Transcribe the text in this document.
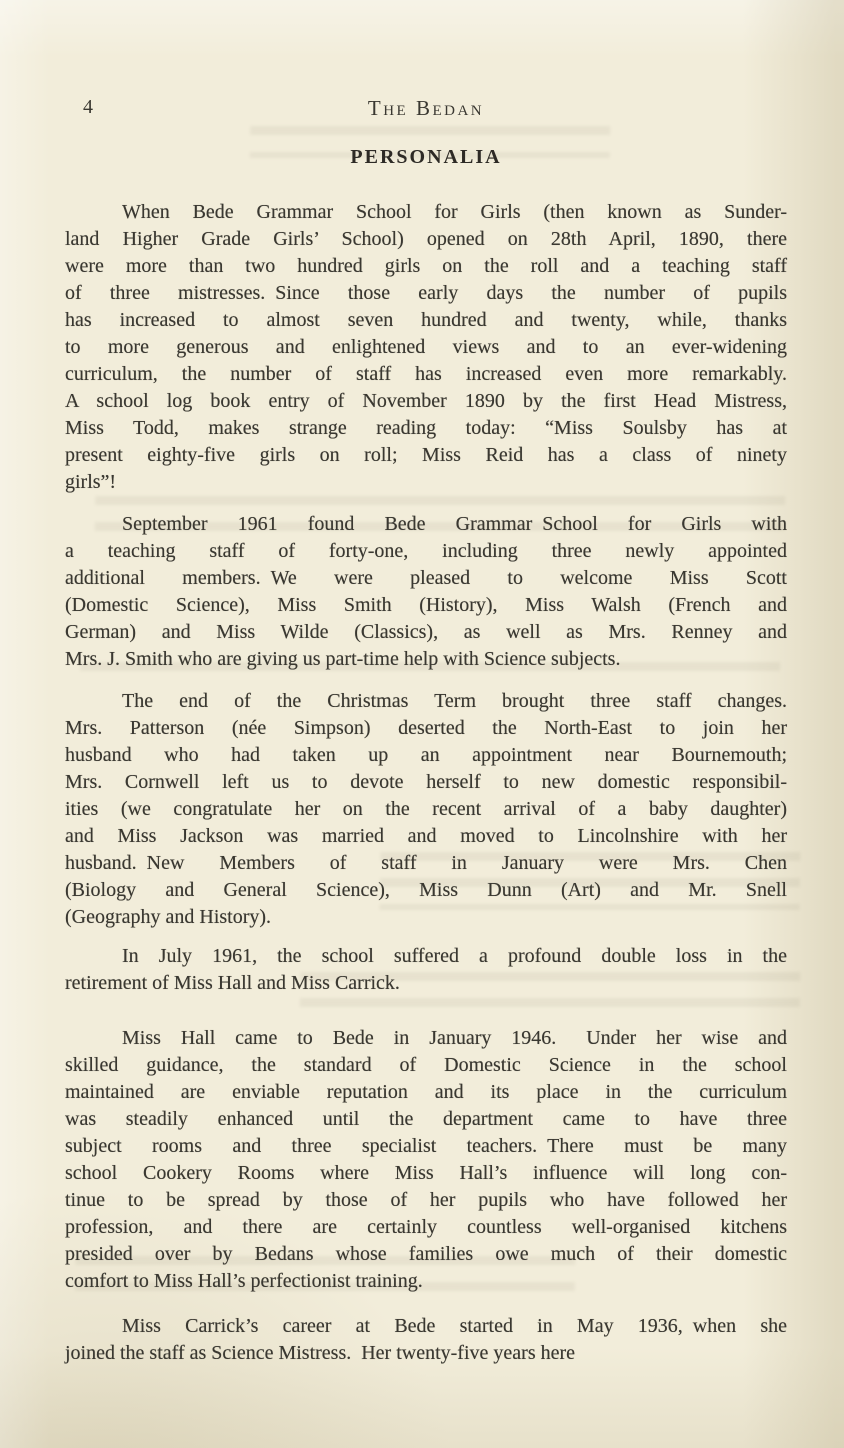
4	The Bedan
PERSONALIA
When Bede Grammar School for Girls (then known as Sunder-
land Higher Grade Girls’ School) opened on 28th April, 1890, there
were more than two hundred girls on the roll and a teaching staff
of three mistresses. Since those early days the number of pupils
has increased to almost seven hundred and twenty, while, thanks
to more generous and enlightened views and to an ever-widening
curriculum, the number of staff has increased even more remarkably.
A school log book entry of November 1890 by the first Head Mistress,
Miss Todd, makes strange reading today: “Miss Soulsby has at
present eighty-five girls on roll; Miss Reid has a class of ninety
girls”!
September 1961 found Bede Grammar School for Girls with
a teaching staff of forty-one, including three newly appointed
additional members. We were pleased to welcome Miss Scott
(Domestic Science), Miss Smith (History), Miss Walsh (French and
German) and Miss Wilde (Classics), as well as Mrs. Renney and
Mrs. J. Smith who are giving us part-time help with Science subjects.
The end of the Christmas Term brought three staff changes.
Mrs. Patterson (née Simpson) deserted the North-East to join her
husband who had taken up an appointment near Bournemouth;
Mrs. Cornwell left us to devote herself to new domestic responsibil-
ities (we congratulate her on the recent arrival of a baby daughter)
and Miss Jackson was married and moved to Lincolnshire with her
husband. New Members of staff in January were Mrs. Chen
(Biology and General Science), Miss Dunn (Art) and Mr. Snell
(Geography and History).
In July 1961, the school suffered a profound double loss in the
retirement of Miss Hall and Miss Carrick.
Miss Hall came to Bede in January 1946.  Under her wise and
skilled guidance, the standard of Domestic Science in the school
maintained are enviable reputation and its place in the curriculum
was steadily enhanced until the department came to have three
subject rooms and three specialist teachers. There must be many
school Cookery Rooms where Miss Hall’s influence will long con-
tinue to be spread by those of her pupils who have followed her
profession, and there are certainly countless well-organised kitchens
presided over by Bedans whose families owe much of their domestic
comfort to Miss Hall’s perfectionist training.
Miss Carrick’s career at Bede started in May 1936, when she
joined the staff as Science Mistress. Her twenty-five years here
